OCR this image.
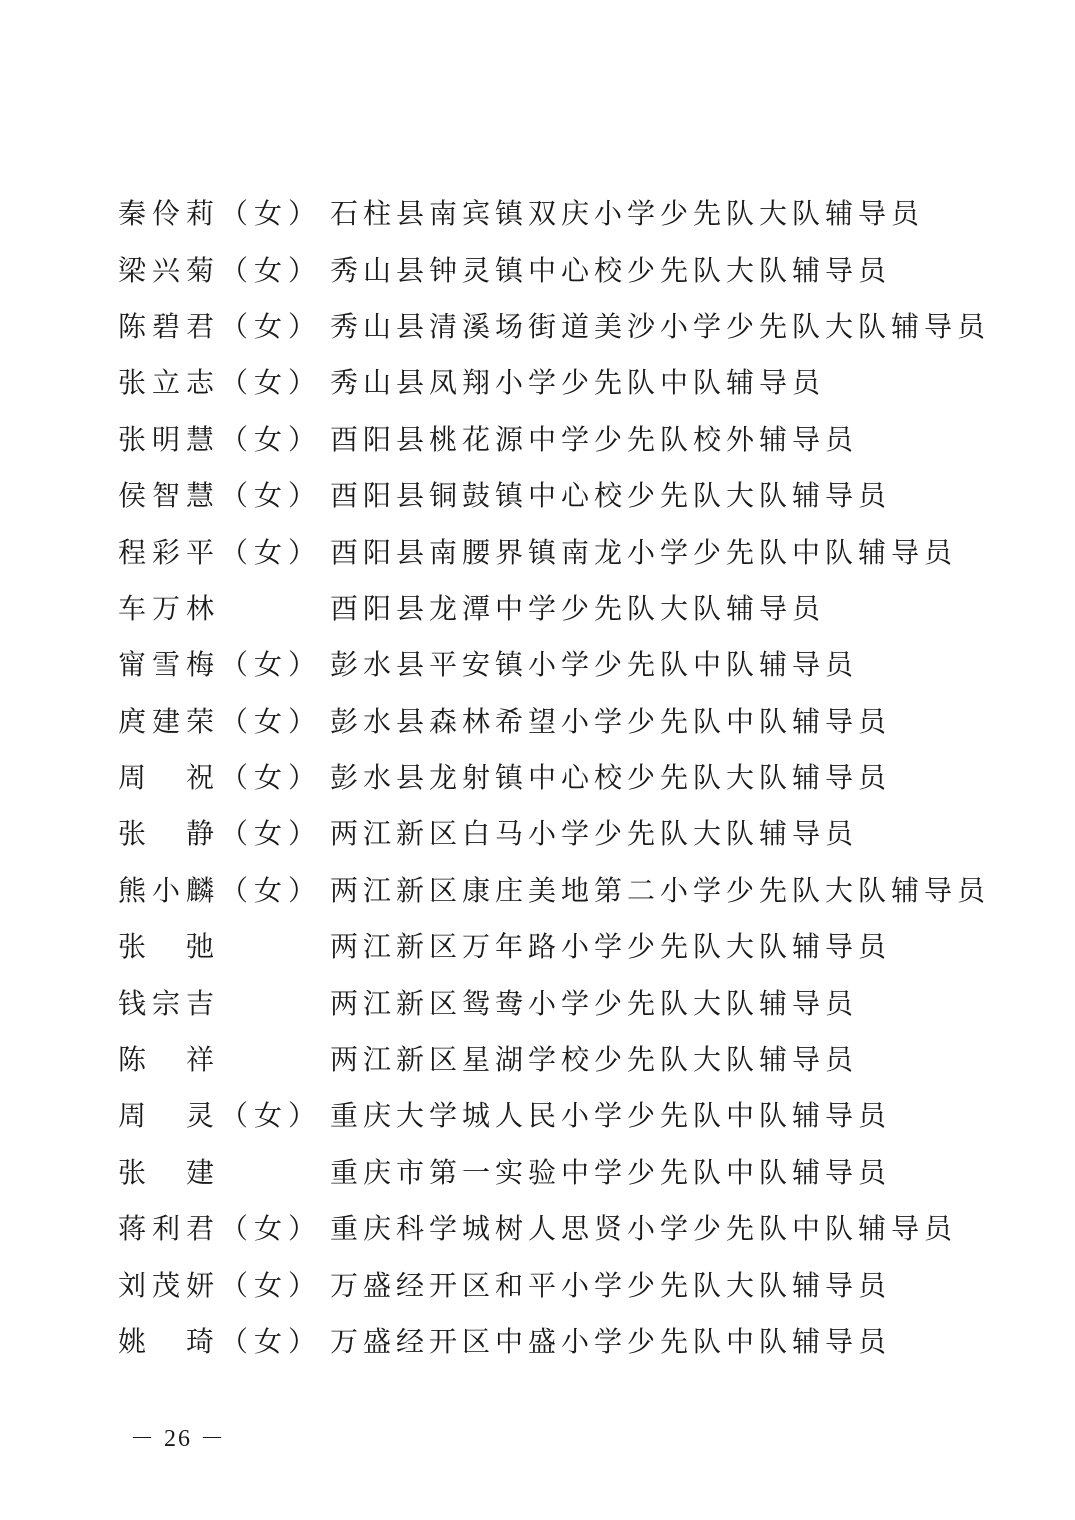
秦伶莉（女） 石柱县南宾镇双庆小学少先队大队辅导员
梁兴菊（女） 秀山县钟灵镇中心校少先队大队辅导员
陈碧君（女） 秀山县清溪场街道美沙小学少先队大队辅导员
张立志（女） 秀山县凤翔小学少先队中队辅导员
张明慧（女） 酉阳县桃花源中学少先队校外辅导员
侯智慧（女） 酉阳县铜鼓镇中心校少先队大队辅导员
程彩平（女） 酉阳县南腰界镇南龙小学少先队中队辅导员
车万林	酉阳县龙潭中学少先队大队辅导员
甯雪梅（女） 彭水县平安镇小学少先队中队辅导员
庹建荣（女） 彭水县森林希望小学少先队中队辅导员
周　祝（女） 彭水县龙射镇中心校少先队大队辅导员
张　静（女） 两江新区白马小学少先队大队辅导员
熊小麟（女） 两江新区康庄美地第二小学少先队大队辅导员
张　弛	两江新区万年路小学少先队大队辅导员
钱宗吉	两江新区鸳鸯小学少先队大队辅导员
陈　祥	两江新区星湖学校少先队大队辅导员
周　灵（女） 重庆大学城人民小学少先队中队辅导员
张　建	重庆市第一实验中学少先队中队辅导员
蒋利君（女） 重庆科学城树人思贤小学少先队中队辅导员
刘茂妍（女） 万盛经开区和平小学少先队大队辅导员
姚　琦（女） 万盛经开区中盛小学少先队中队辅导员
－ 26 －
